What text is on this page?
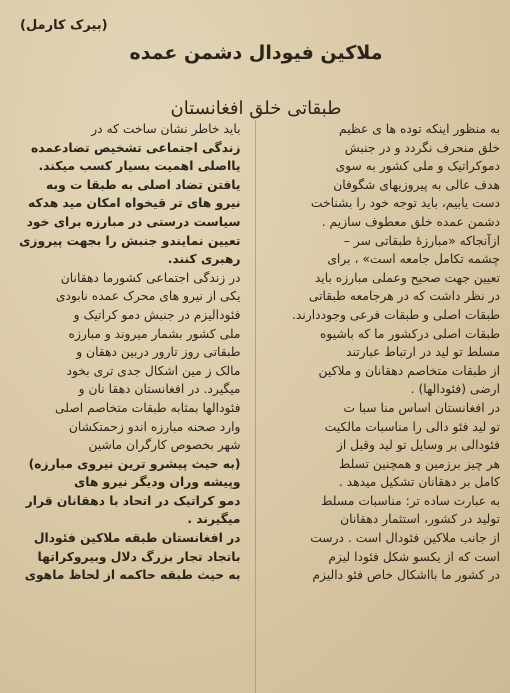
(بیرک کارمل)
ملاکین فیودال دشمن عمده
طبقاتی خلق افغانستان
به منظور اینکه توده ها ی عظیم
خلق منحرف نگردد و در جنبش
دموکراتیک و ملی کشور به سوی
هدف عالی به پیروزیهای شگوفان
دست یابیم، باید توجه خود را بشناخت
دشمن عمده خلق معطوف سازیم .
ازآنجاکه «مبارزهٔ طبقاتی سر –
چشمه تکامل جامعه است» ، برای
تعیین جهت صحیح وعملی مبارزه باید
در نظر داشت که در هرجامعه طبقاتی
طبقات اصلی و طبقات فرعی وجوددارند.
طبقات اصلی درکشور ما که باشیوه
مسلط تو لید در ارتباط عبارتند
از طبقات متخاصم دهقانان و ملاکین
ارضی (فئودالها) .
در افغانستان اساس منا سبا ت
تو لید فئو دالی را مناسبات مالکیت
فئودالی بر وسایل تو لید وقبل از
هر چیز برزمین و همچنین تسلط
کامل بر دهقانان تشکیل میدهد .
به عبارت ساده تر: مناسبات مسلط
تولید در کشور، استثمار دهقانان
از جانب ملاکین فئودال است . درست
است که از یکسو شکل فئودا لیزم
در کشور ما بااشکال خاص فئو دالیزم
باید خاطر نشان ساخت که در
زندگی اجتماعی تشخیص تضادعمده
یااصلی اهمیت بسیار کسب میکند.
یافتن تضاد اصلی به طبقا ت وبه
نیرو های تر قیخواه امکان مید هدکه
سیاست درستی در مبارزه برای خود
تعیین نمایندو جنبش را بجهت پیروزی
رهبری کنند.
در زندگی اجتماعی کشورما دهقانان
یکی از نیرو های محرک عمده نابودی
فئودالیزم در جنبش دمو کراتیک و
ملی کشور بشمار میروند و مبارزه
طبقاتی روز تارور دربین دهقان و
مالک ز مین اشکال جدی تری بخود
میگیرد. در افغانستان دهقا نان و
فئودالها بمثابه طبقات متخاصم اصلی
وارد صحنه مبارزه اندو زحمتکشان
شهر بخصوص کارگران ماشین
(به حیث پیشرو ترین نیروی مبارزه)
وپیشه وران ودیگر نیرو های
دمو کراتیک در اتحاد با دهقانان قرار
میگیرند .
در افغانستان طبقه ملاکین فئودال
باتجاد تجار بزرگ دلال وبیروکراتها
به حیث طبقه حاکمه از لحاظ ماهوی
